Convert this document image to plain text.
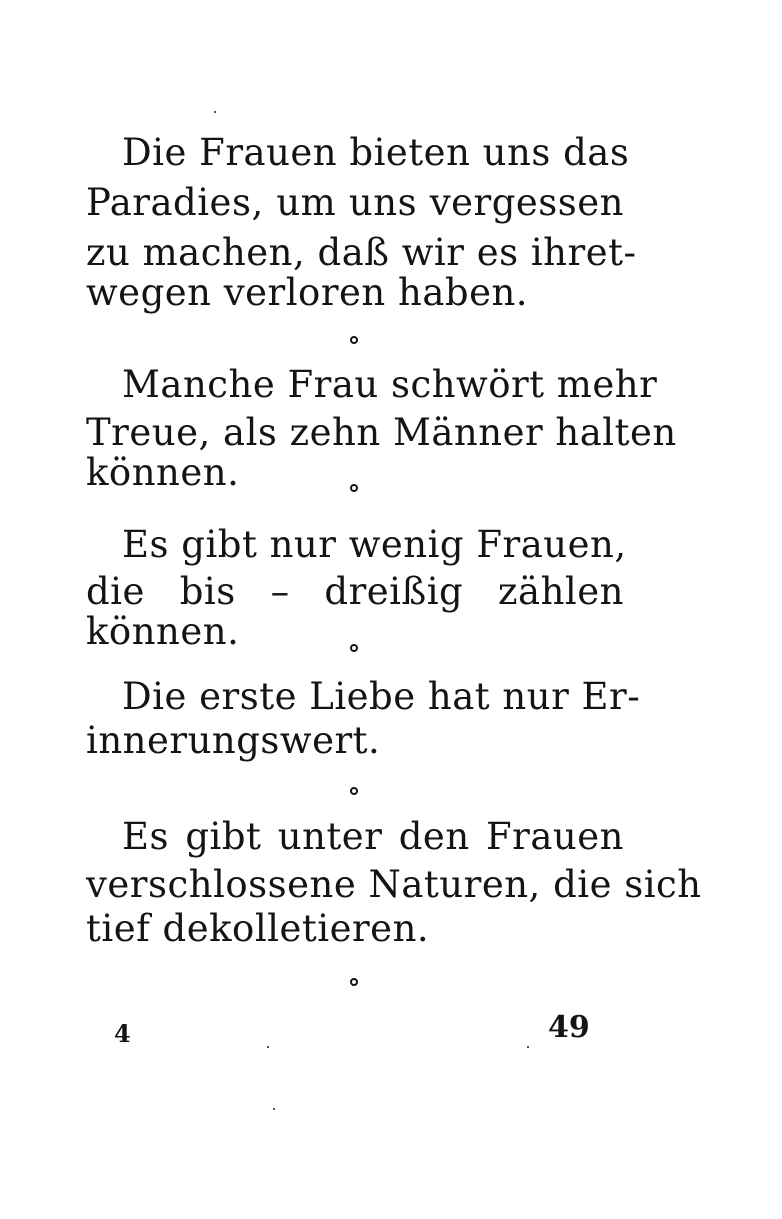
Die Frauen bieten uns das
Paradies, um uns vergessen
zu machen, daß wir es ihret-
wegen verloren haben.
Manche Frau schwört mehr
Treue, als zehn Männer halten
können.
Es gibt nur wenig Frauen,
die bis – dreißig zählen
können.
Die erste Liebe hat nur Er-
innerungswert.
Es gibt unter den Frauen
verschlossene Naturen, die sich
tief dekolletieren.
4	49
